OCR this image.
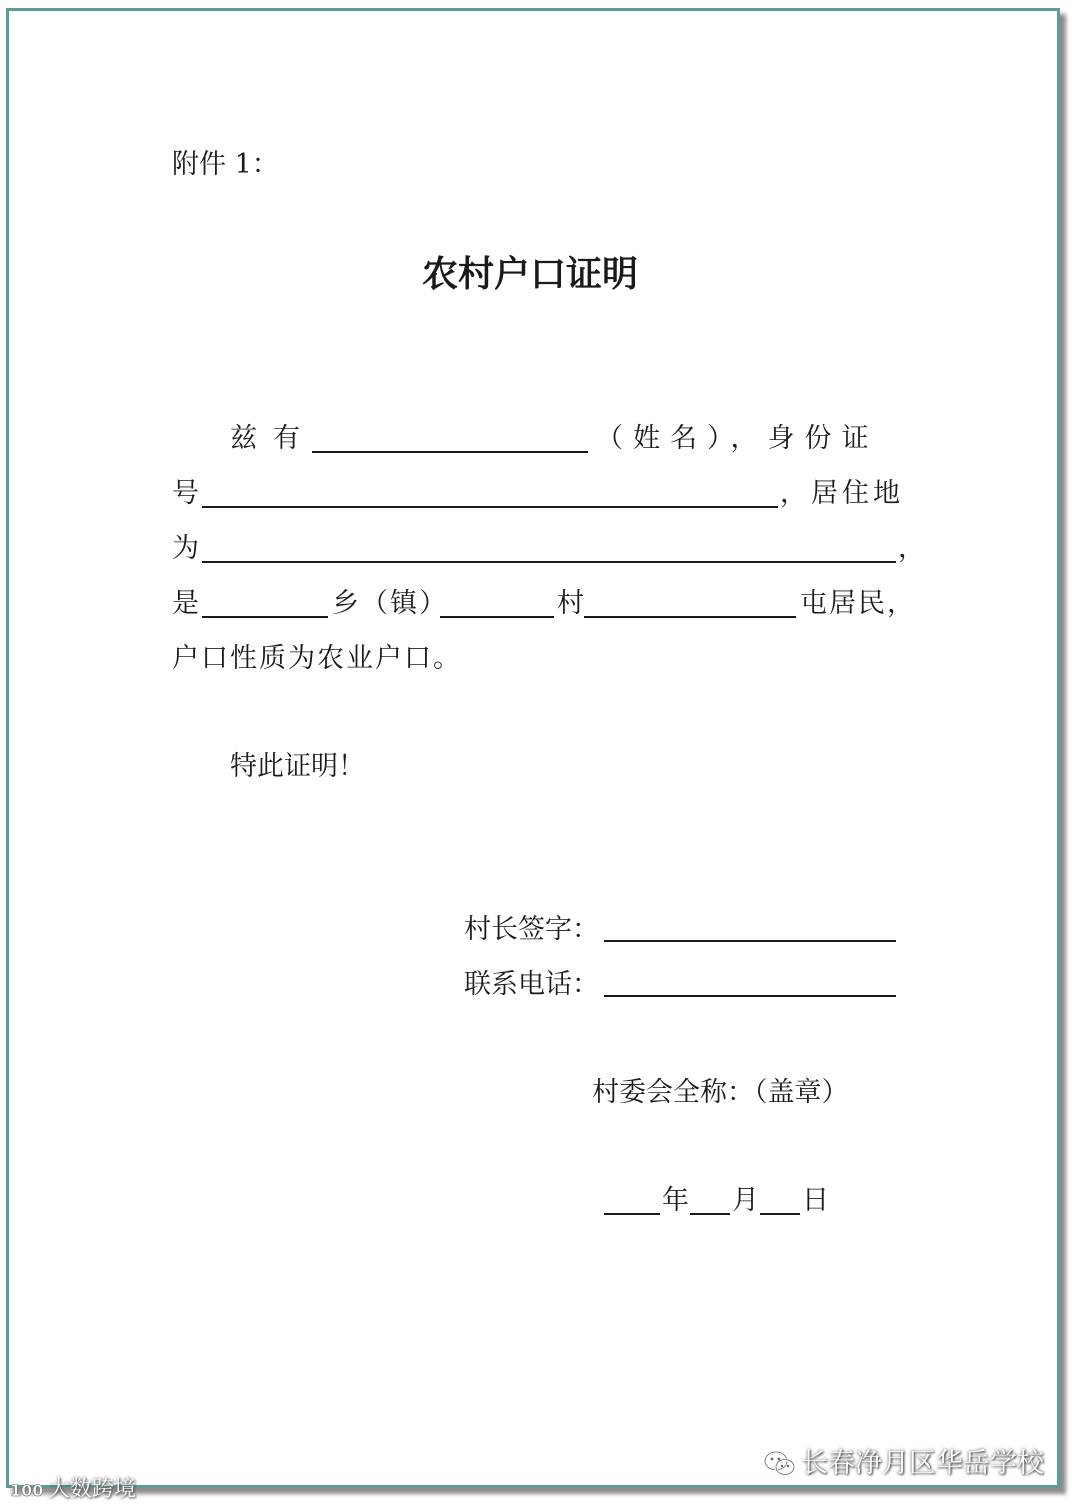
附件 1：
农村户口证明
兹有	（姓名），身份证
号	，居住地
为	，
是	乡（镇）	村	屯居民，
户口性质为农业户口。
特此证明！
村长签字：
联系电话：
村委会全称：（盖章）
年 月 日
长春净月区华岳学校
100 大数跨境
